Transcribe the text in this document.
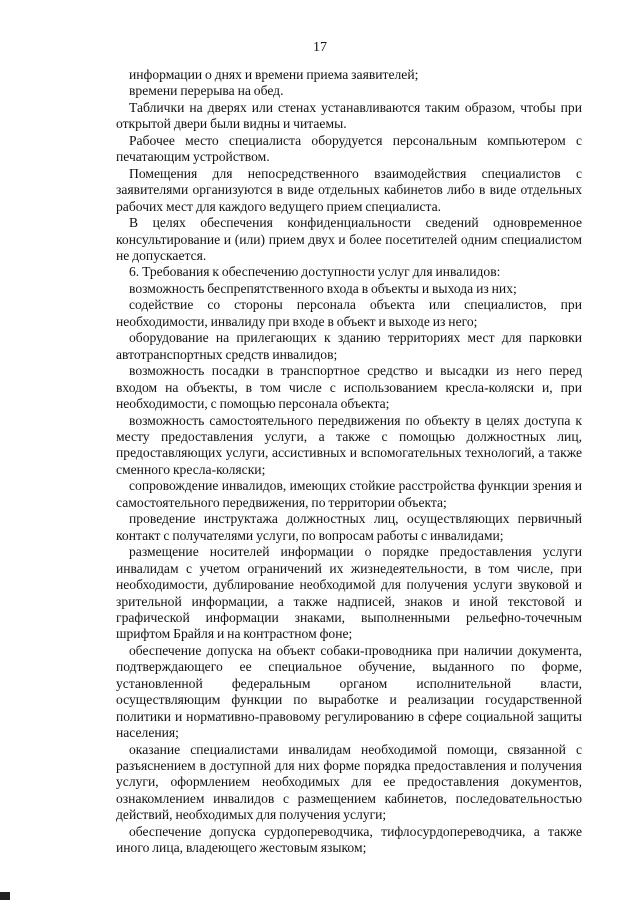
17

информации о днях и времени приема заявителей;

времени перерыва на обед.

Таблички на дверях или стенах устанавливаются таким образом, чтобы при открытой двери были видны и читаемы.

Рабочее место специалиста оборудуется персональным компьютером с печатающим устройством.

Помещения для непосредственного взаимодействия специалистов с заявителями организуются в виде отдельных кабинетов либо в виде отдельных рабочих мест для каждого ведущего прием специалиста.

В целях обеспечения конфиденциальности сведений одновременное консультирование и (или) прием двух и более посетителей одним специалистом не допускается.

6. Требования к обеспечению доступности услуг для инвалидов:

возможность беспрепятственного входа в объекты и выхода из них;

содействие со стороны персонала объекта или специалистов, при необходимости, инвалиду при входе в объект и выходе из него;

оборудование на прилегающих к зданию территориях мест для парковки автотранспортных средств инвалидов;

возможность посадки в транспортное средство и высадки из него перед входом на объекты, в том числе с использованием кресла-коляски и, при необходимости, с помощью персонала объекта;

возможность самостоятельного передвижения по объекту в целях доступа к месту предоставления услуги, а также с помощью должностных лиц, предоставляющих услуги, ассистивных и вспомогательных технологий, а также сменного кресла-коляски;

сопровождение инвалидов, имеющих стойкие расстройства функции зрения и самостоятельного передвижения, по территории объекта;

проведение инструктажа должностных лиц, осуществляющих первичный контакт с получателями услуги, по вопросам работы с инвалидами;

размещение носителей информации о порядке предоставления услуги инвалидам с учетом ограничений их жизнедеятельности, в том числе, при необходимости, дублирование необходимой для получения услуги звуковой и зрительной информации, а также надписей, знаков и иной текстовой и графической информации знаками, выполненными рельефно-точечным шрифтом Брайля и на контрастном фоне;

обеспечение допуска на объект собаки-проводника при наличии документа, подтверждающего ее специальное обучение, выданного по форме, установленной федеральным органом исполнительной власти, осуществляющим функции по выработке и реализации государственной политики и нормативно-правовому регулированию в сфере социальной защиты населения;

оказание специалистами инвалидам необходимой помощи, связанной с разъяснением в доступной для них форме порядка предоставления и получения услуги, оформлением необходимых для ее предоставления документов, ознакомлением инвалидов с размещением кабинетов, последовательностью действий, необходимых для получения услуги;

обеспечение допуска сурдопереводчика, тифлосурдопереводчика, а также иного лица, владеющего жестовым языком;
